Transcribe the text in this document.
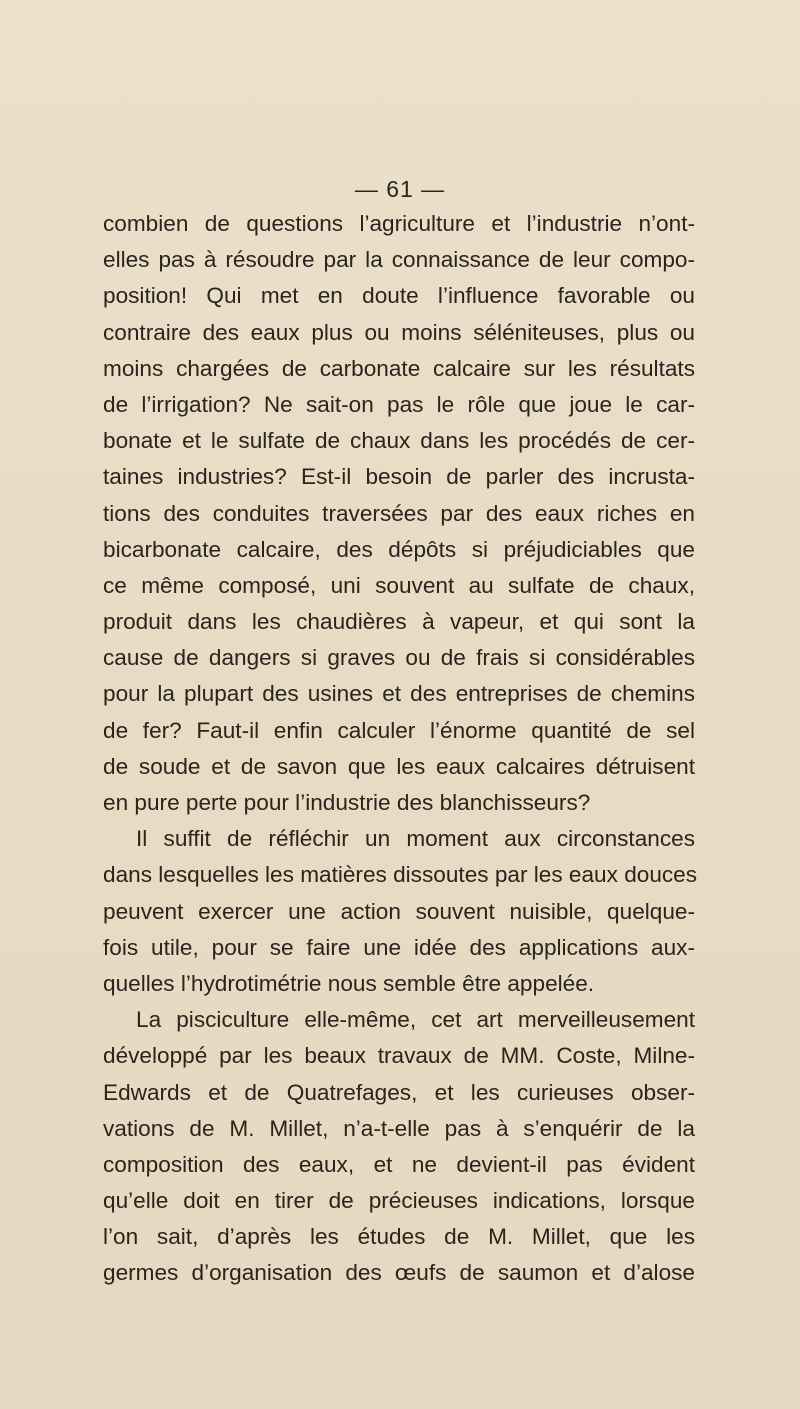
— 61 —
combien de questions l’agriculture et l’industrie n’ont-
elles pas à résoudre par la connaissance de leur compo-
position! Qui met en doute l’influence favorable ou
contraire des eaux plus ou moins séléniteuses, plus ou
moins chargées de carbonate calcaire sur les résultats
de l’irrigation? Ne sait-on pas le rôle que joue le car-
bonate et le sulfate de chaux dans les procédés de cer-
taines industries? Est-il besoin de parler des incrusta-
tions des conduites traversées par des eaux riches en
bicarbonate calcaire, des dépôts si préjudiciables que
ce même composé, uni souvent au sulfate de chaux,
produit dans les chaudières à vapeur, et qui sont la
cause de dangers si graves ou de frais si considérables
pour la plupart des usines et des entreprises de chemins
de fer? Faut-il enfin calculer l’énorme quantité de sel
de soude et de savon que les eaux calcaires détruisent
en pure perte pour l’industrie des blanchisseurs?
Il suffit de réfléchir un moment aux circonstances
dans lesquelles les matières dissoutes par les eaux douces
peuvent exercer une action souvent nuisible, quelque-
fois utile, pour se faire une idée des applications aux-
quelles l’hydrotimétrie nous semble être appelée.
La pisciculture elle-même, cet art merveilleusement
développé par les beaux travaux de MM. Coste, Milne-
Edwards et de Quatrefages, et les curieuses obser-
vations de M. Millet, n’a-t-elle pas à s’enquérir de la
composition des eaux, et ne devient-il pas évident
qu’elle doit en tirer de précieuses indications, lorsque
l’on sait, d’après les études de M. Millet, que les
germes d’organisation des œufs de saumon et d’alose
